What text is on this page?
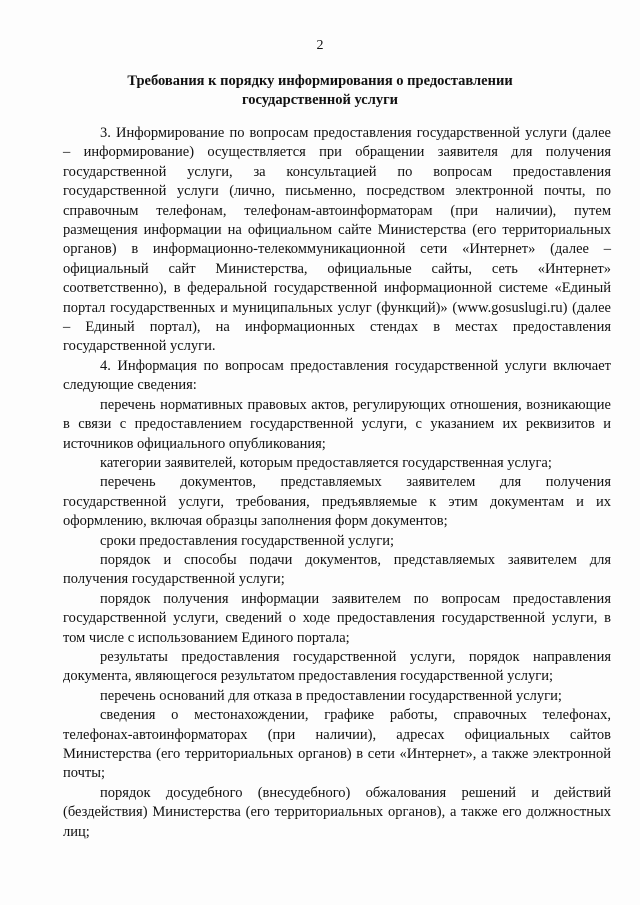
2
Требования к порядку информирования о предоставлении
государственной услуги

3. Информирование по вопросам предоставления государственной услуги (далее – информирование) осуществляется при обращении заявителя для получения государственной услуги, за консультацией по вопросам предоставления государственной услуги (лично, письменно, посредством электронной почты, по справочным телефонам, телефонам-автоинформаторам (при наличии), путем размещения информации на официальном сайте Министерства (его территориальных органов) в информационно-телекоммуникационной сети «Интернет» (далее – официальный сайт Министерства, официальные сайты, сеть «Интернет» соответственно), в федеральной государственной информационной системе «Единый портал государственных и муниципальных услуг (функций)» (www.gosuslugi.ru) (далее – Единый портал), на информационных стендах в местах предоставления государственной услуги.

4. Информация по вопросам предоставления государственной услуги включает следующие сведения:

перечень нормативных правовых актов, регулирующих отношения, возникающие в связи с предоставлением государственной услуги, с указанием их реквизитов и источников официального опубликования;

категории заявителей, которым предоставляется государственная услуга;

перечень документов, представляемых заявителем для получения государственной услуги, требования, предъявляемые к этим документам и их оформлению, включая образцы заполнения форм документов;

сроки предоставления государственной услуги;

порядок и способы подачи документов, представляемых заявителем для получения государственной услуги;

порядок получения информации заявителем по вопросам предоставления государственной услуги, сведений о ходе предоставления государственной услуги, в том числе с использованием Единого портала;

результаты предоставления государственной услуги, порядок направления документа, являющегося результатом предоставления государственной услуги;

перечень оснований для отказа в предоставлении государственной услуги;

сведения о местонахождении, графике работы, справочных телефонах, телефонах-автоинформаторах (при наличии), адресах официальных сайтов Министерства (его территориальных органов) в сети «Интернет», а также электронной почты;

порядок досудебного (внесудебного) обжалования решений и действий (бездействия) Министерства (его территориальных органов), а также его должностных лиц;
